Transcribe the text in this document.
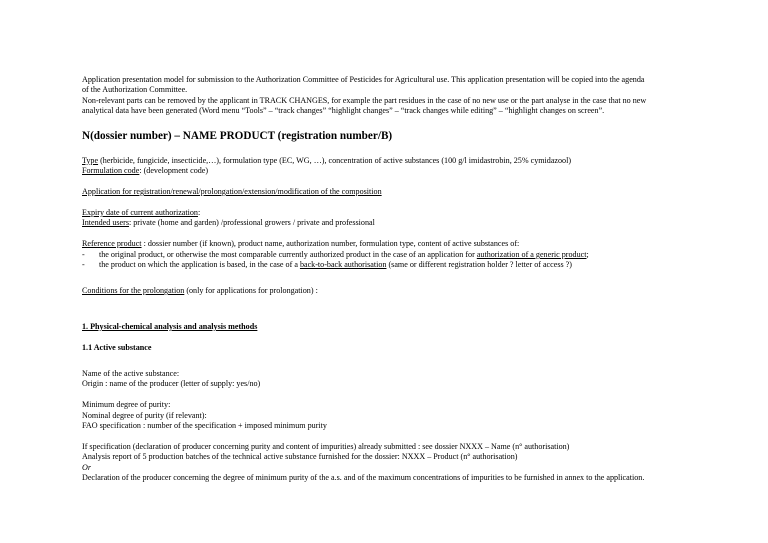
Application presentation model for submission to the Authorization Committee of Pesticides for Agricultural use. This application presentation will be copied into the agenda
of the Authorization Committee.
Non-relevant parts can be removed by the applicant in TRACK CHANGES, for example the part residues in the case of no new use or the part analyse in the case that no new
analytical data have been generated (Word menu “Tools” – “track changes” “highlight changes” – “track changes while editing” – “highlight changes on screen”.
N(dossier number) – NAME PRODUCT (registration number/B)
Type (herbicide, fungicide, insecticide,…), formulation type (EC, WG, …), concentration of active substances (100 g/l imidastrobin, 25% cymidazool)
Formulation code: (development code)
Application for registration/renewal/prolongation/extension/modification of the composition
Expiry date of current authorization:
Intended users: private (home and garden) /professional growers / private and professional
Reference product : dossier number (if known), product name, authorization number, formulation type, content of active substances of:
-	the original product, or otherwise the most comparable currently authorized product in the case of an application for authorization of a generic product;
-	the product on which the application is based, in the case of a back-to-back authorisation (same or different registration holder ? letter of access ?)
Conditions for the prolongation (only for applications for prolongation) :
1. Physical-chemical analysis and analysis methods
1.1 Active substance
Name of the active substance:
Origin : name of the producer (letter of supply: yes/no)
Minimum degree of purity:
Nominal degree of purity (if relevant):
FAO specification : number of the specification + imposed minimum purity
If specification (declaration of producer concerning purity and content of impurities) already submitted : see dossier NXXX – Name (n° authorisation)
Analysis report of 5 production batches of the technical active substance furnished for the dossier: NXXX – Product (n° authorisation)
Or
Declaration of the producer concerning the degree of minimum purity of the a.s. and of the maximum concentrations of impurities to be furnished in annex to the application.
